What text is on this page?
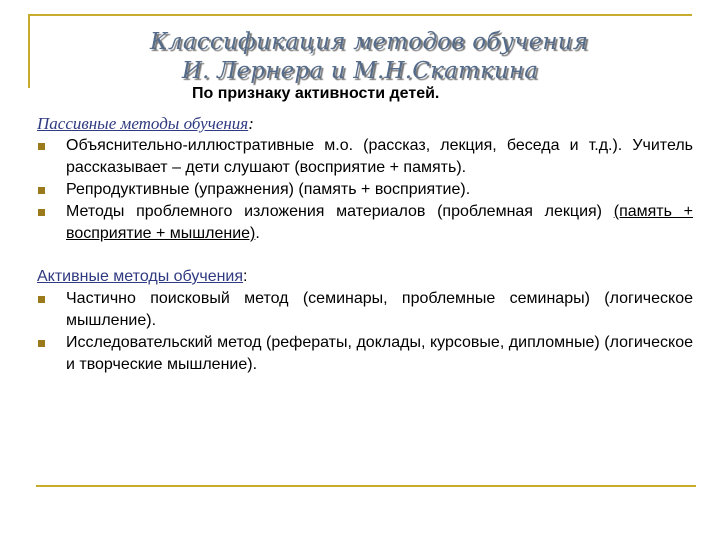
Классификация методов обучения
И. Лернера и М.Н.Скаткина
По признаку активности детей.

Пассивные методы обучения:

Объяснительно-иллюстративные м.о. (рассказ, лекция, беседа и т.д.). Учитель рассказывает – дети слушают (восприятие + память).
Репродуктивные (упражнения) (память + восприятие).
Методы проблемного изложения материалов (проблемная лекция) (память + восприятие + мышление).

Активные методы обучения:

Частично поисковый метод (семинары, проблемные семинары) (логическое мышление).
Исследовательский метод (рефераты, доклады, курсовые, дипломные) (логическое и творческие мышление).
